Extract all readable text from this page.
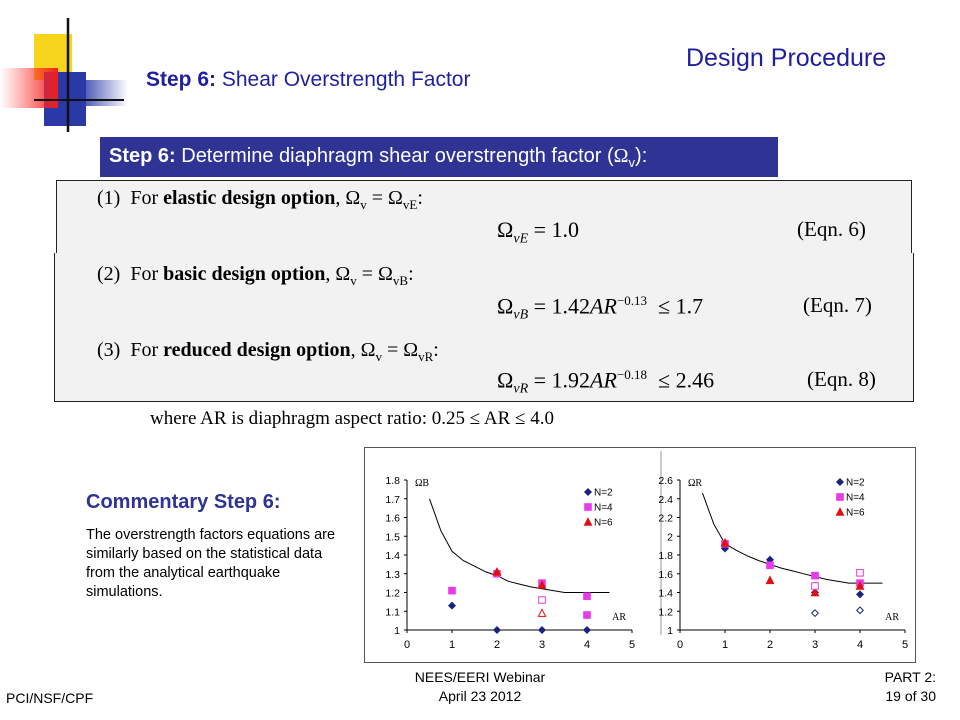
Design Procedure
Step 6: Shear Overstrength Factor
Step 6: Determine diaphragm shear overstrength factor $(\Omega_v)$:
(1) For elastic design option, $\Omega_v = \Omega_{vE}$:
$\Omega_{vE} = 1.0$	(Eqn. 6)
(2) For basic design option, $\Omega_v = \Omega_{vB}$:
$\Omega_{vB} = 1.42AR^{-0.13} \le 1.7$	(Eqn. 7)
(3) For reduced design option, $\Omega_v = \Omega_{vR}$:
$\Omega_{vR} = 1.92AR^{-0.18} \le 2.46$	(Eqn. 8)
where AR is diaphragm aspect ratio: 0.25 ≤ AR ≤ 4.0
Commentary Step 6:
The overstrength factors equations are similarly based on the statistical data from the analytical earthquake simulations.
0	1	2	3	4	5
1
1.1
1.2
1.3
1.4
1.5
1.6
1.7
1.8 ΩB
AR
N=2
N=4
N=6
0	1	2	3	4	5
1
1.2
1.4
1.6
1.8
2
2.2
2.4
2.6 ΩR
AR
N=2
N=4
N=6
PCI/NSF/CPF
NEES/EERI Webinar
April 23 2012
PART 2:
19 of 30
